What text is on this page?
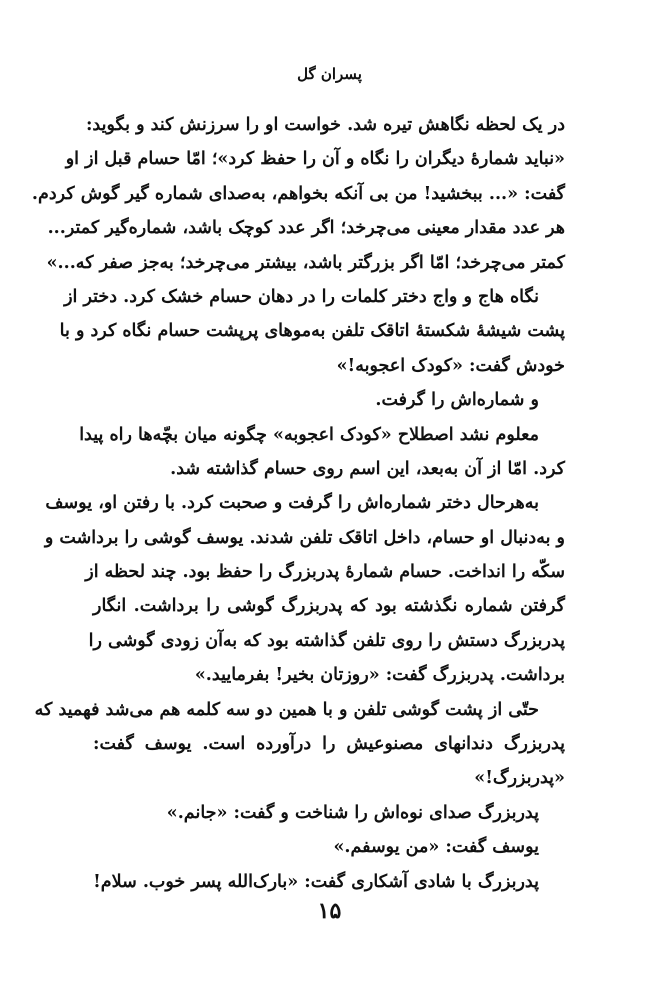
پسران گل
در یک لحظه نگاهش تیره شد. خواست او را سرزنش کند و بگوید:
«نباید شمارهٔ دیگران را نگاه و آن را حفظ کرد»؛ امّا حسام قبل از او
گفت: «... ببخشید! من بی آنکه بخواهم، به‌صدای شماره گیر گوش کردم.
هر عدد مقدار معینی می‌چرخد؛ اگر عدد کوچک باشد، شماره‌گیر کمتر...
کمتر می‌چرخد؛ امّا اگر بزرگتر باشد، بیشتر می‌چرخد؛ به‌جز صفر که...»
نگاه هاج و واج دختر کلمات را در دهان حسام خشک کرد. دختر از
پشت شیشهٔ شکستهٔ اتاقک تلفن به‌موهای پرپشت حسام نگاه کرد و با
خودش گفت: «کودک اعجوبه!»
و شماره‌اش را گرفت.
معلوم نشد اصطلاح «کودک اعجوبه» چگونه میان بچّه‌ها راه پیدا
کرد. امّا از آن به‌بعد، این اسم روی حسام گذاشته شد.
به‌هرحال دختر شماره‌اش را گرفت و صحبت کرد. با رفتن او، یوسف
و به‌دنبال او حسام، داخل اتاقک تلفن شدند. یوسف گوشی را برداشت و
سکّه را انداخت. حسام شمارهٔ پدربزرگ را حفظ بود. چند لحظه از
گرفتن شماره نگذشته بود که پدربزرگ گوشی را برداشت. انگار
پدربزرگ دستش را روی تلفن گذاشته بود که به‌آن زودی گوشی را
برداشت. پدربزرگ گفت: «روزتان بخیر! بفرمایید.»
حتّی از پشت گوشی تلفن و با همین دو سه کلمه هم می‌شد فهمید که
پدربزرگ دندانهای مصنوعیش را درآورده است. یوسف گفت:
«پدربزرگ!»
پدربزرگ صدای نوه‌اش را شناخت و گفت: «جانم.»
یوسف گفت: «من یوسفم.»
پدربزرگ با شادی آشکاری گفت: «بارک‌الله پسر خوب. سلام!
۱۵
